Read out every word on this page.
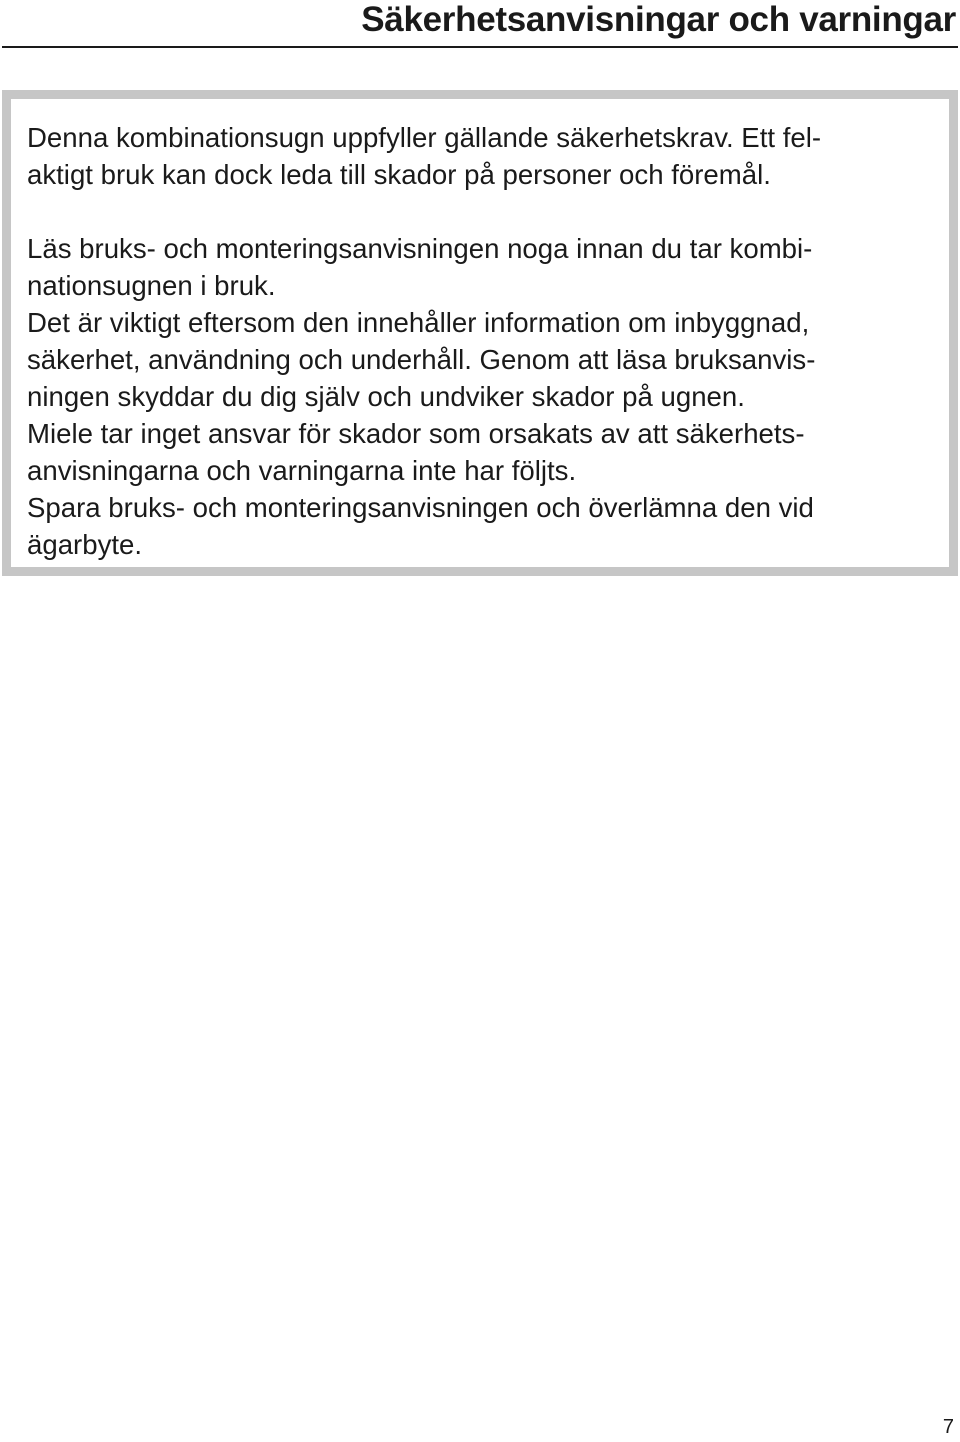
Säkerhetsanvisningar och varningar

Denna kombinationsugn uppfyller gällande säkerhetskrav. Ett fel-

aktigt bruk kan dock leda till skador på personer och föremål.

Läs bruks- och monteringsanvisningen noga innan du tar kombi-

nationsugnen i bruk.

Det är viktigt eftersom den innehåller information om inbyggnad,

säkerhet, användning och underhåll. Genom att läsa bruksanvis-

ningen skyddar du dig själv och undviker skador på ugnen.

Miele tar inget ansvar för skador som orsakats av att säkerhets-

anvisningarna och varningarna inte har följts.

Spara bruks- och monteringsanvisningen och överlämna den vid

ägarbyte.

7
